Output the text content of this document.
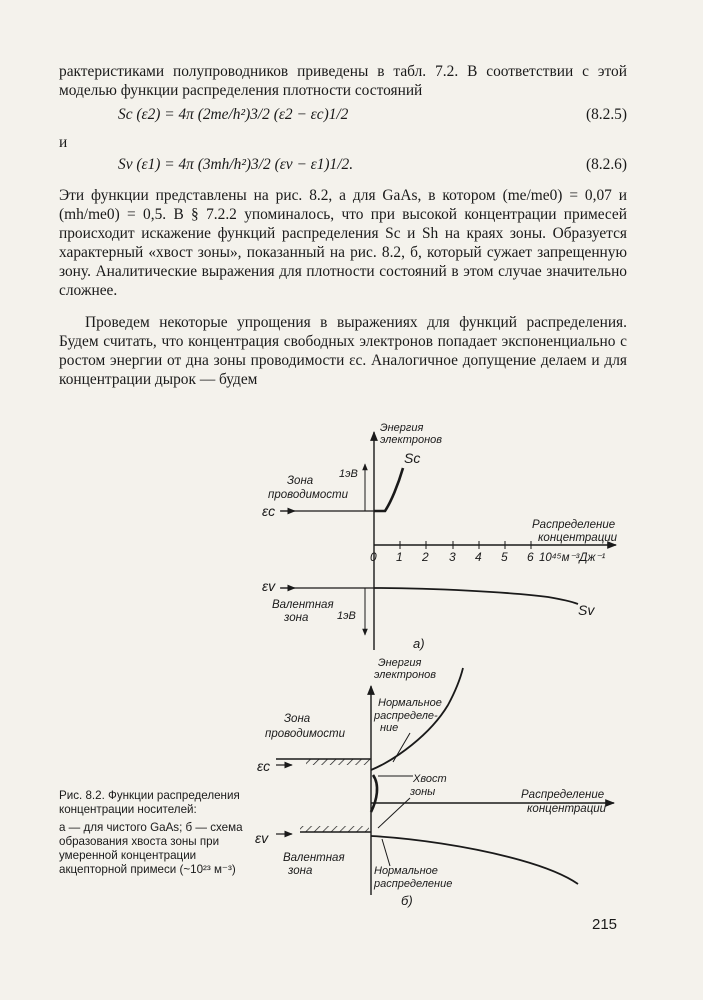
рактеристиками полупроводников приведены в табл. 7.2. В соответствии с этой моделью функции распределения плотности состояний

Sc (ε2) = 4π (2me/h²)3/2 (ε2 − εc)1/2	(8.2.5)
и
Sv (ε1) = 4π (3mh/h²)3/2 (εv − ε1)1/2.	(8.2.6)

Эти функции представлены на рис. 8.2, а для GaAs, в котором (me/me0) = 0,07 и (mh/me0) = 0,5. В § 7.2.2 упоминалось, что при высокой концентрации примесей происходит искажение функций распределения Sc и Sh на краях зоны. Образуется характерный «хвост зоны», показанный на рис. 8.2, б, который сужает запрещенную зону. Аналитические выражения для плотности состояний в этом случае значительно сложнее.

Проведем некоторые упрощения в выражениях для функций распределения. Будем считать, что концентрация свободных электронов попадает экспоненциально с ростом энергии от дна зоны проводимости εc. Аналогичное допущение делаем и для концентрации дырок — будем

Энергия
электронов
Sc
1эВ
Зона
проводимости
εc
0 1 2 3 4 5 6 10⁴⁵м⁻³Дж⁻¹
Распределение
концентрации
Sv
εv
1эВ
Валентная
зона
а)
Энергия
электронов
Нормальное
распределе-
ние
Зона
проводимости
εc
Хвост
зоны	Распределение
концентрации
εv
Валентная
зона	Нормальное
распределение
б)

Рис. 8.2. Функции распределения концентрации носителей:

а — для чистого GaAs; б — схема образования хвоста зоны при умеренной концентрации акцепторной примеси (~10²³ м⁻³)

215
